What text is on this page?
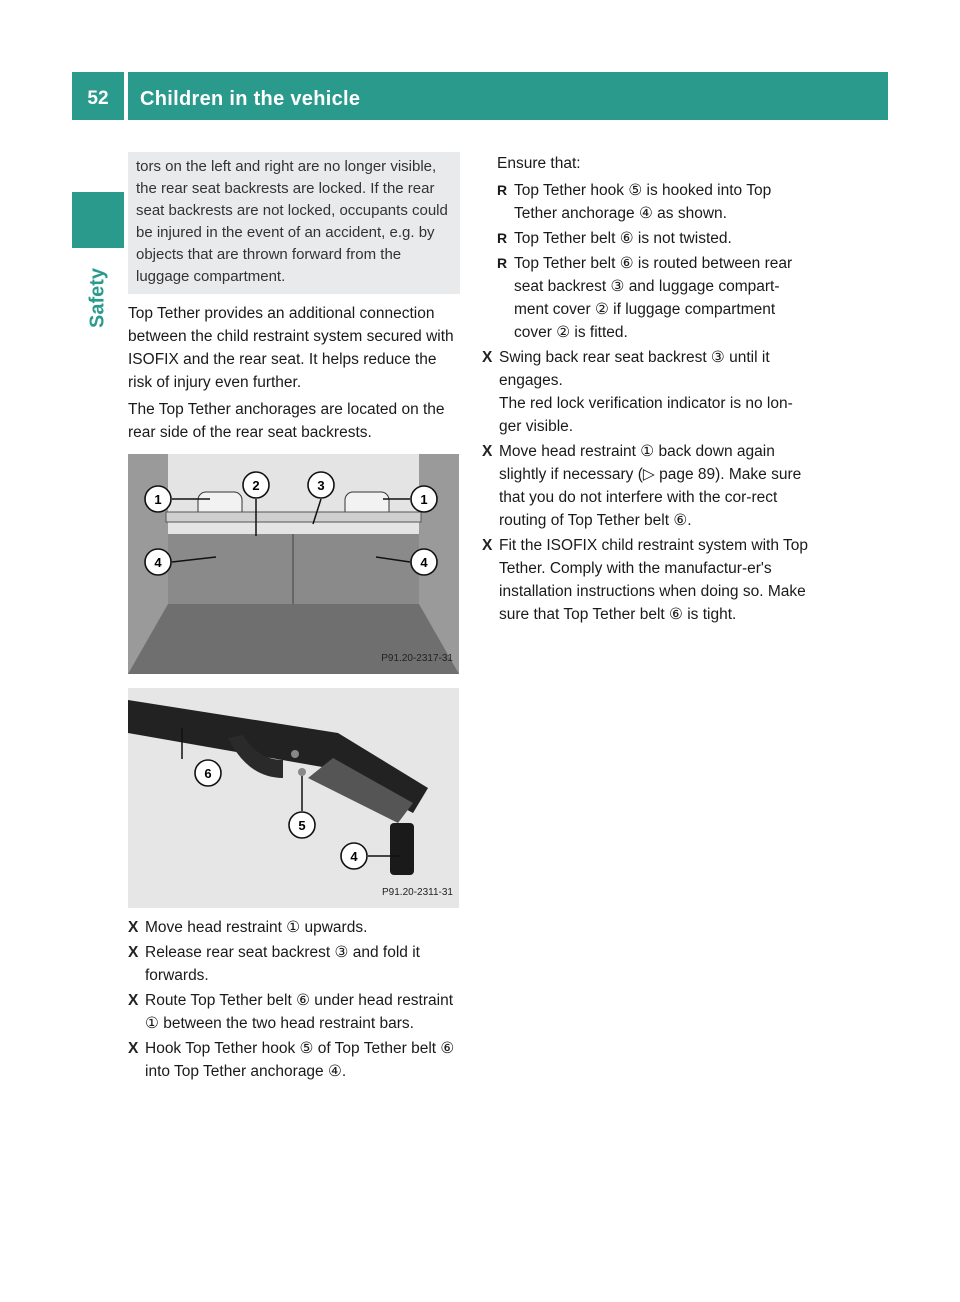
52	Children in the vehicle
Safety
tors on the left and right are no longer visible, the rear seat backrests are locked. If the rear seat backrests are not locked, occupants could be injured in the event of an accident, e.g. by objects that are thrown forward from the luggage compartment.

Top Tether provides an additional connection between the child restraint system secured with ISOFIX and the rear seat. It helps reduce the risk of injury even further.

The Top Tether anchorages are located on the rear side of the rear seat backrests.

1
2	3
1
4	4
P91.20-2317-31
6
5
4
P91.20-2311-31
X Move head restraint ① upwards.
X Release rear seat backrest ③ and fold it forwards.
X Route Top Tether belt ⑥ under head restraint ① between the two head restraint bars.
X Hook Top Tether hook ⑤ of Top Tether belt ⑥ into Top Tether anchorage ④.

Ensure that:

R Top Tether hook ⑤ is hooked into Top Tether anchorage ④ as shown.
R Top Tether belt ⑥ is not twisted.
R Top Tether belt ⑥ is routed between rear seat backrest ③ and luggage compart-ment cover ② if luggage compartment cover ② is fitted.
X Swing back rear seat backrest ③ until it engages.
The red lock verification indicator is no lon-ger visible.
X Move head restraint ① back down again slightly if necessary (▷ page 89). Make sure that you do not interfere with the cor-rect routing of Top Tether belt ⑥.
X Fit the ISOFIX child restraint system with Top Tether. Comply with the manufactur-er's installation instructions when doing so. Make sure that Top Tether belt ⑥ is tight.
